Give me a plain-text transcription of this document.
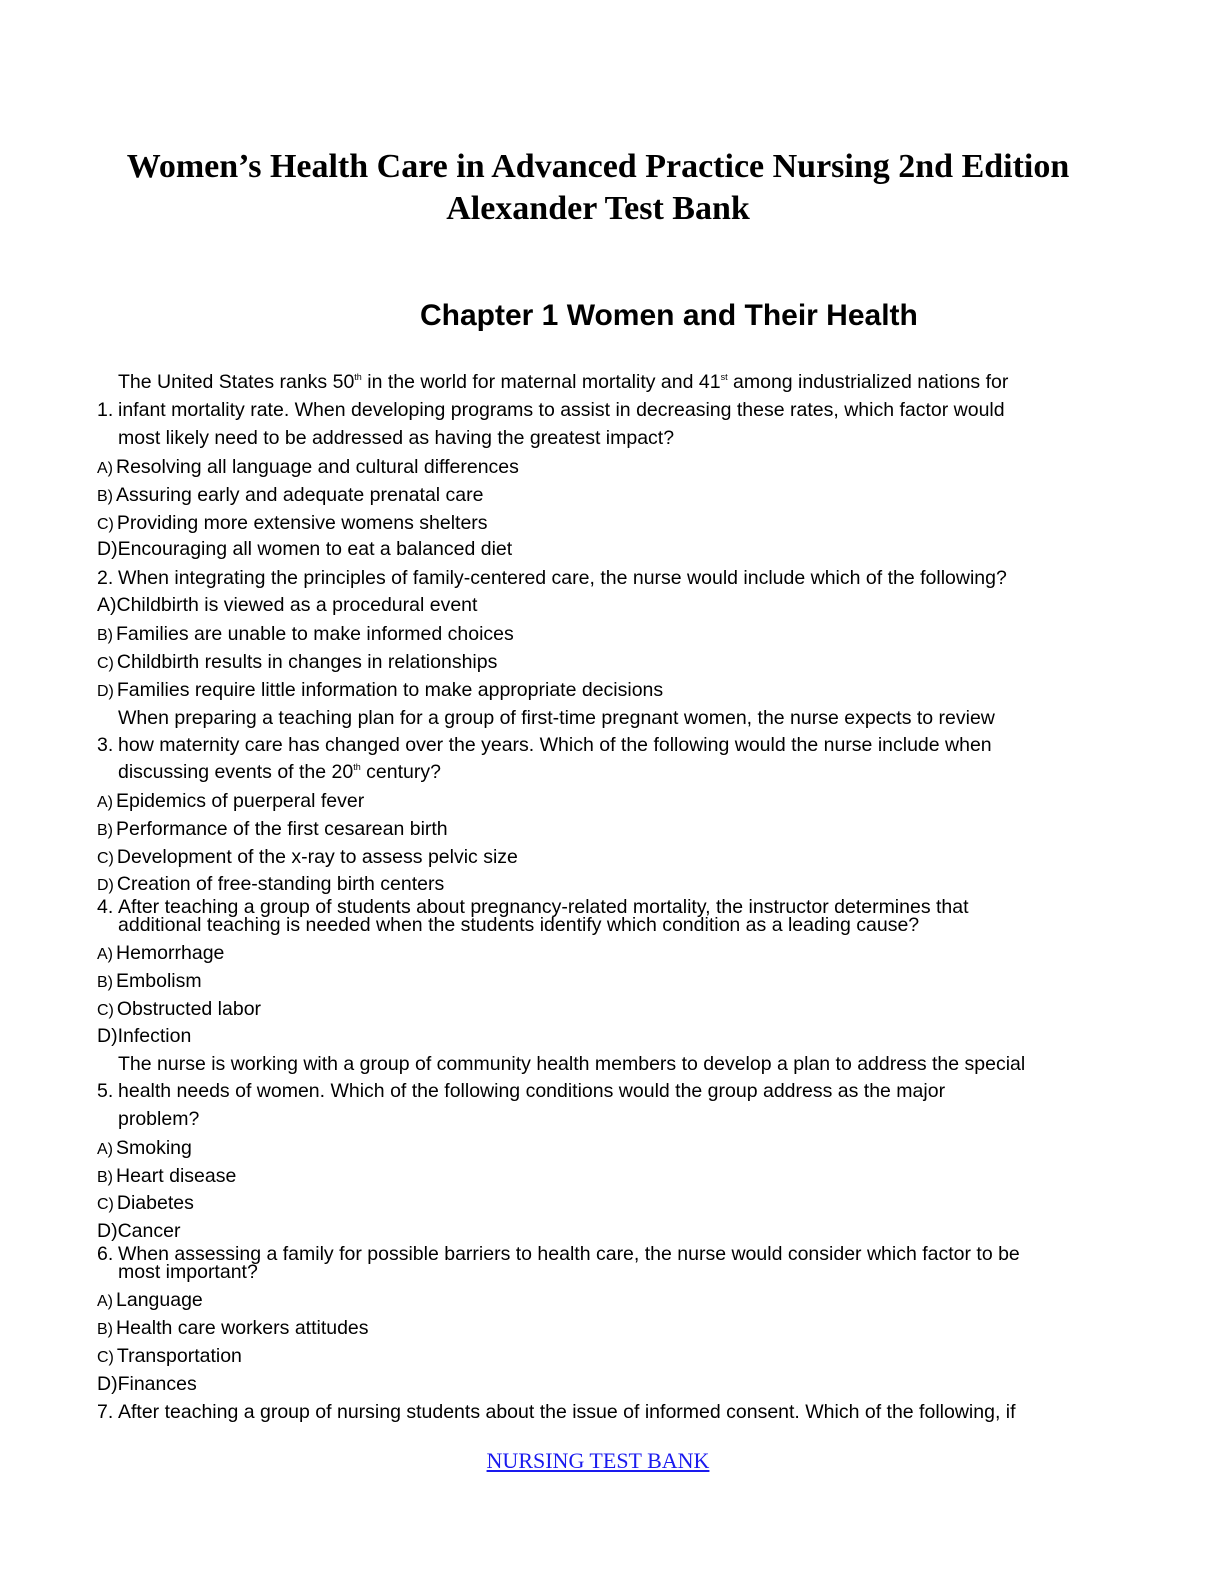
Women’s Health Care in Advanced Practice Nursing 2nd Edition
Alexander Test Bank
Chapter 1 Women and Their Health
The United States ranks 50th in the world for maternal mortality and 41st among industrialized nations for
1. infant mortality rate. When developing programs to assist in decreasing these rates, which factor would
most likely need to be addressed as having the greatest impact?
A) Resolving all language and cultural differences
B) Assuring early and adequate prenatal care
C) Providing more extensive womens shelters
D)Encouraging all women to eat a balanced diet
2. When integrating the principles of family-centered care, the nurse would include which of the following?
A)Childbirth is viewed as a procedural event
B) Families are unable to make informed choices
C) Childbirth results in changes in relationships
D) Families require little information to make appropriate decisions
When preparing a teaching plan for a group of first-time pregnant women, the nurse expects to review
3. how maternity care has changed over the years. Which of the following would the nurse include when
discussing events of the 20th century?
A) Epidemics of puerperal fever
B) Performance of the first cesarean birth
C) Development of the x-ray to assess pelvic size
D) Creation of free-standing birth centers
4. After teaching a group of students about pregnancy-related mortality, the instructor determines that
additional teaching is needed when the students identify which condition as a leading cause?
A) Hemorrhage
B) Embolism
C) Obstructed labor
D)Infection
The nurse is working with a group of community health members to develop a plan to address the special
5. health needs of women. Which of the following conditions would the group address as the major
problem?
A) Smoking
B) Heart disease
C) Diabetes
D)Cancer
6. When assessing a family for possible barriers to health care, the nurse would consider which factor to be
most important?
A) Language
B) Health care workers attitudes
C) Transportation
D)Finances
7. After teaching a group of nursing students about the issue of informed consent. Which of the following, if
NURSING TEST BANK
